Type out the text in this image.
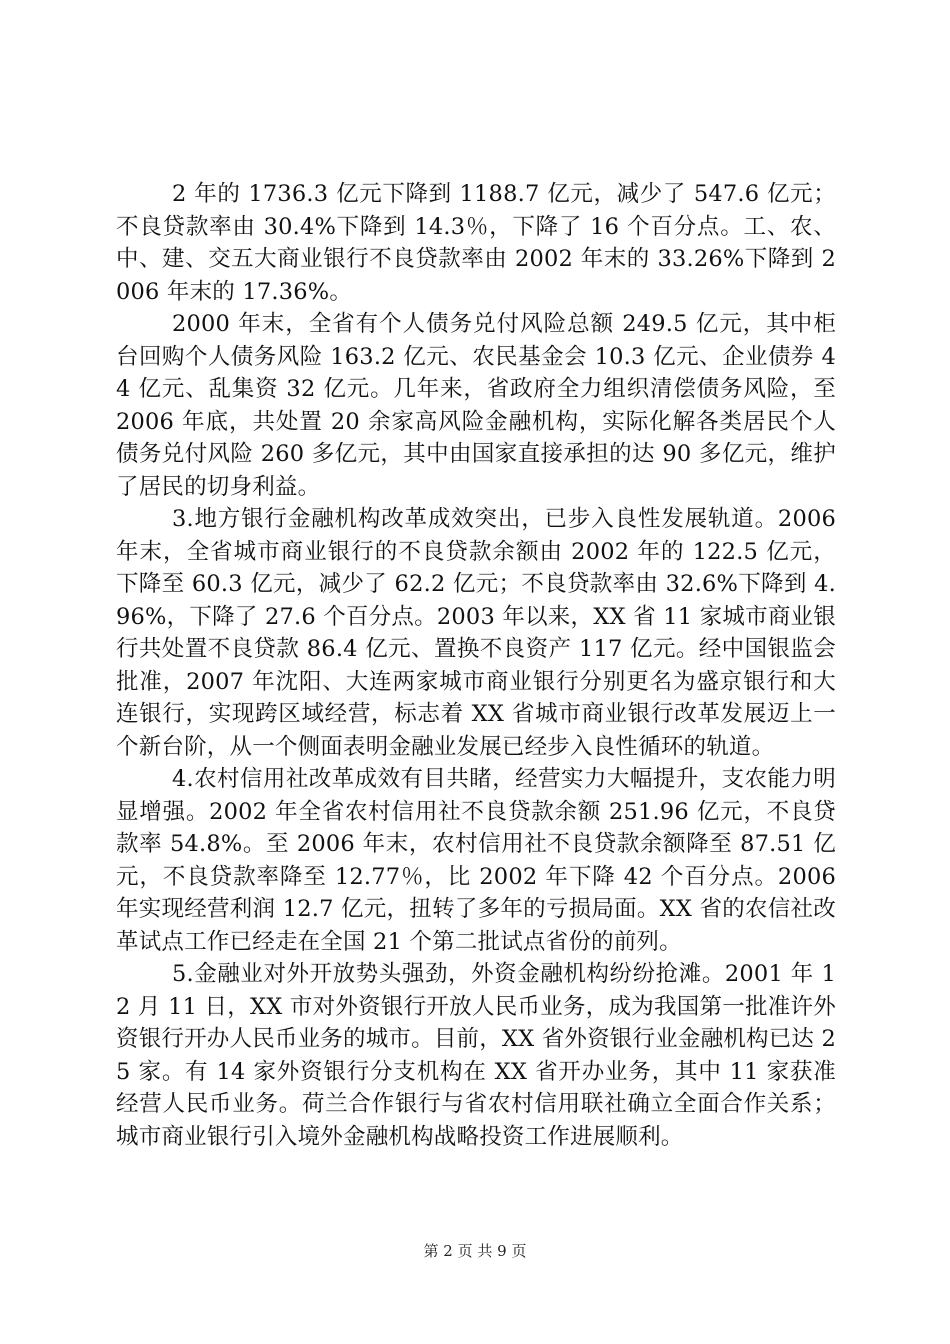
2 年的 1736.3 亿元下降到 1188.7 亿元，减少了 547.6 亿元；不良贷款率由 30.4%下降到 14.3％，下降了 16 个百分点。工、农、中、建、交五大商业银行不良贷款率由 2002 年末的 33.26%下降到 2006 年末的 17.36%。

2000 年末，全省有个人债务兑付风险总额 249.5 亿元，其中柜台回购个人债务风险 163.2 亿元、农民基金会 10.3 亿元、企业债券 44 亿元、乱集资 32 亿元。几年来，省政府全力组织清偿债务风险，至 2006 年底，共处置 20 余家高风险金融机构，实际化解各类居民个人债务兑付风险 260 多亿元，其中由国家直接承担的达 90 多亿元，维护了居民的切身利益。

3.地方银行金融机构改革成效突出，已步入良性发展轨道。2006 年末，全省城市商业银行的不良贷款余额由 2002 年的 122.5 亿元，下降至 60.3 亿元，减少了 62.2 亿元；不良贷款率由 32.6%下降到 4.96%，下降了 27.6 个百分点。2003 年以来，XX 省 11 家城市商业银行共处置不良贷款 86.4 亿元、置换不良资产 117 亿元。经中国银监会批准，2007 年沈阳、大连两家城市商业银行分别更名为盛京银行和大连银行，实现跨区域经营，标志着 XX 省城市商业银行改革发展迈上一个新台阶，从一个侧面表明金融业发展已经步入良性循环的轨道。

4.农村信用社改革成效有目共睹，经营实力大幅提升，支农能力明显增强。2002 年全省农村信用社不良贷款余额 251.96 亿元，不良贷款率 54.8%。至 2006 年末，农村信用社不良贷款余额降至 87.51 亿元，不良贷款率降至 12.77％，比 2002 年下降 42 个百分点。2006 年实现经营利润 12.7 亿元，扭转了多年的亏损局面。XX 省的农信社改革试点工作已经走在全国 21 个第二批试点省份的前列。

5.金融业对外开放势头强劲，外资金融机构纷纷抢滩。2001 年 12 月 11 日，XX 市对外资银行开放人民币业务，成为我国第一批准许外资银行开办人民币业务的城市。目前，XX 省外资银行业金融机构已达 25 家。有 14 家外资银行分支机构在 XX 省开办业务，其中 11 家获准经营人民币业务。荷兰合作银行与省农村信用联社确立全面合作关系；城市商业银行引入境外金融机构战略投资工作进展顺利。

第 2 页 共 9 页
